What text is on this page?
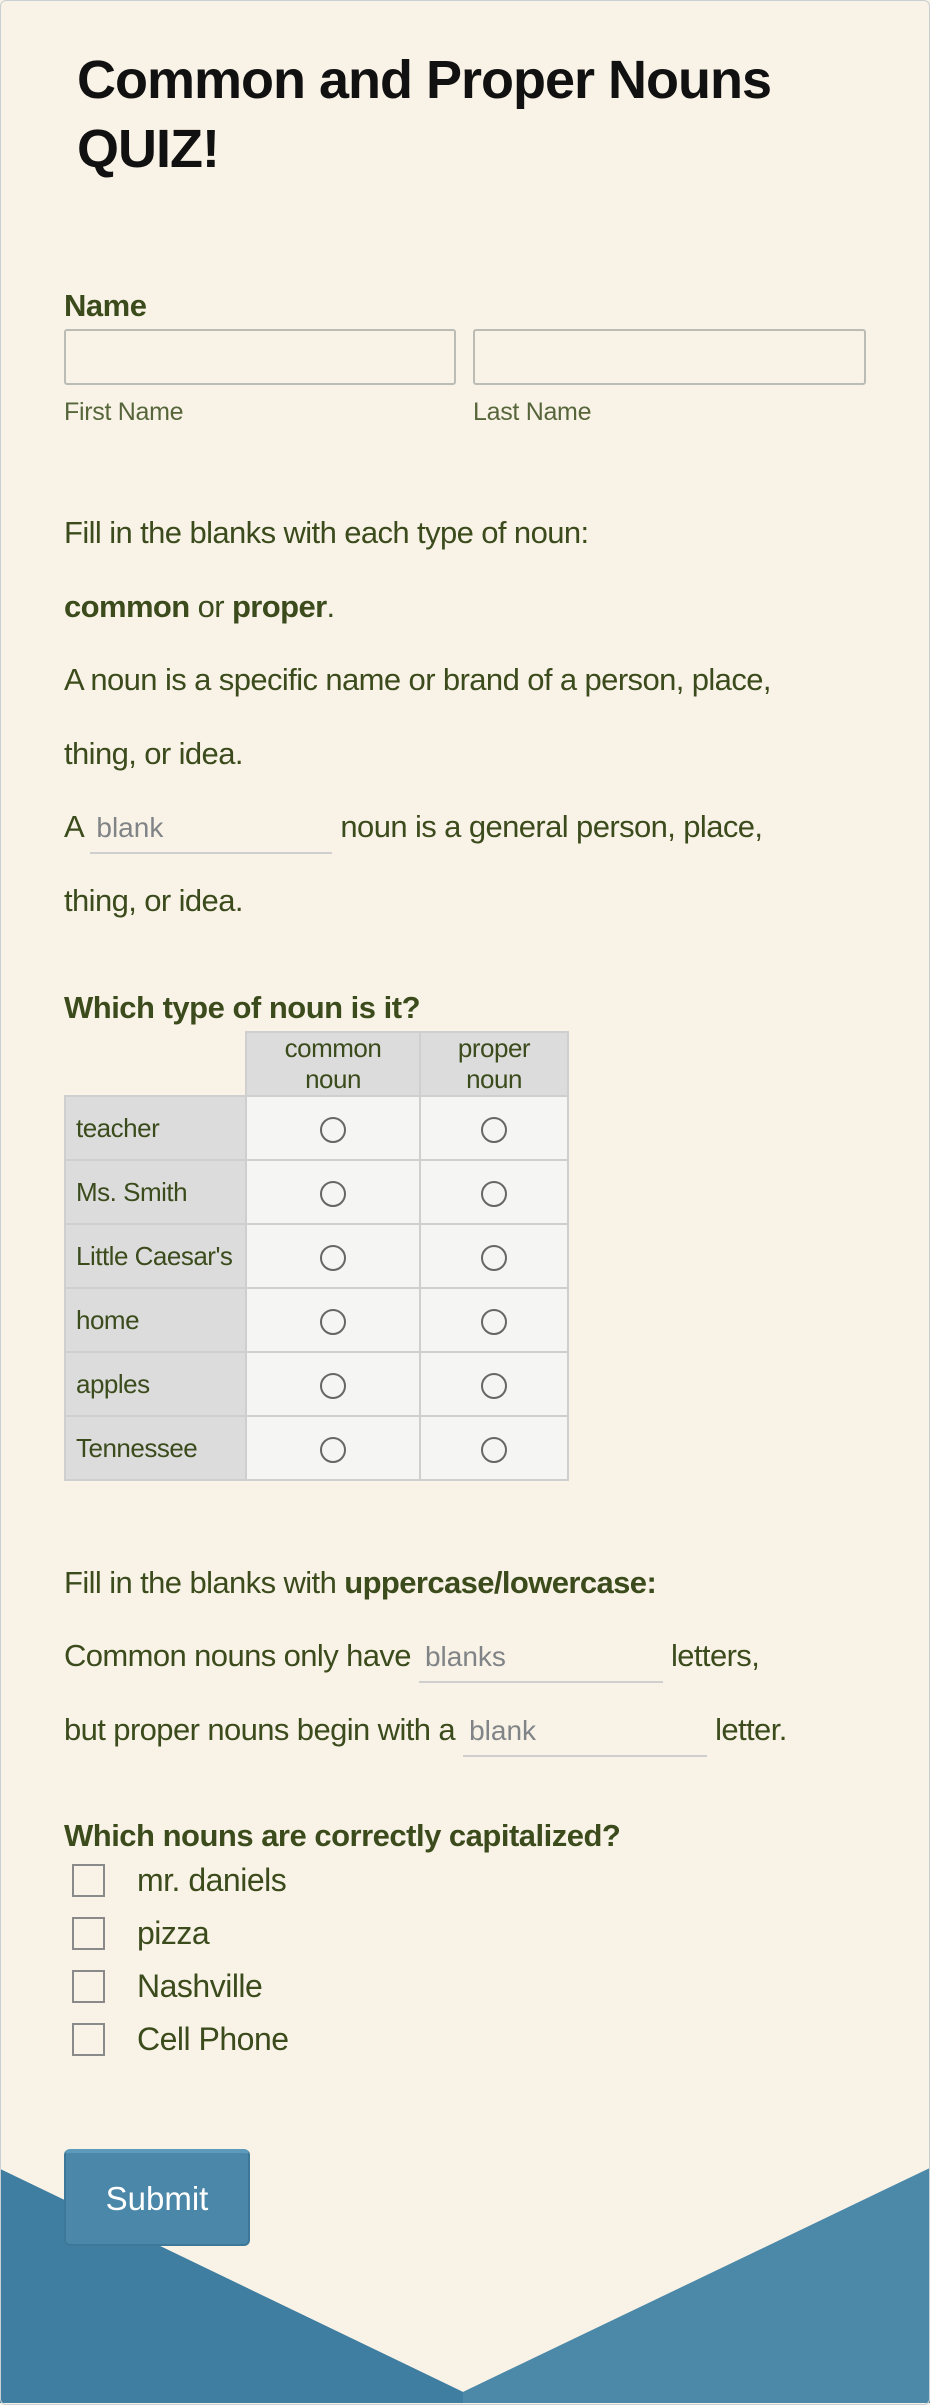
Common and Proper Nouns QUIZ!
Name
First Name	Last Name
Fill in the blanks with each type of noun:
common or proper.
A noun is a specific name or brand of a person, place,
thing, or idea.
A blank	noun is a general person, place,
thing, or idea.
Which type of noun is it?
	common noun	proper noun
teacher		
Ms. Smith		
Little Caesar's		
home		
apples		
Tennessee		
Fill in the blanks with uppercase/lowercase:
Common nouns only have blanks	letters,
but proper nouns begin with a blank	letter.
Which nouns are correctly capitalized?
mr. daniels
pizza
Nashville
Cell Phone
Submit
